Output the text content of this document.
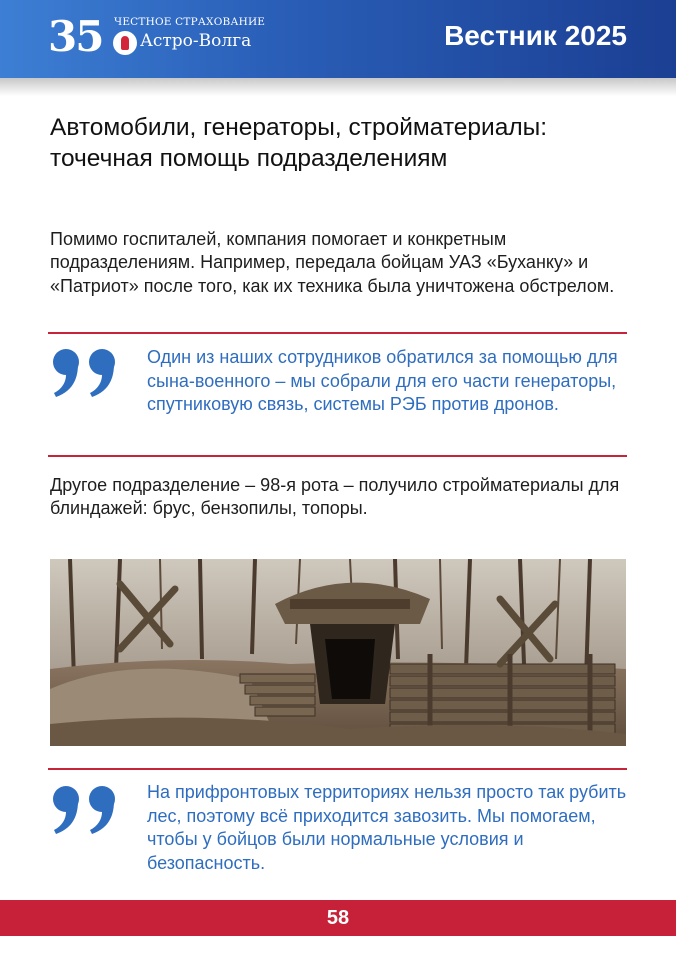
35 ЧЕСТНОЕ СТРАХОВАНИЕ
Астро-Волга	Вестник 2025
Автомобили, генераторы, стройматериалы: точечная помощь подразделениям

Помимо госпиталей, компания помогает и конкретным подразделениям. Например, передала бойцам УАЗ «Буханку» и «Патриот» после того, как их техника была уничтожена обстрелом.

Один из наших сотрудников обратился за помощью для сына-военного – мы собрали для его части генераторы, спутниковую связь, системы РЭБ против дронов.

Другое подразделение – 98-я рота – получило стройматериалы для блиндажей: брус, бензопилы, топоры.

На прифронтовых территориях нельзя просто так рубить лес, поэтому всё приходится завозить. Мы помогаем, чтобы у бойцов были нормальные условия и безопасность.

58
